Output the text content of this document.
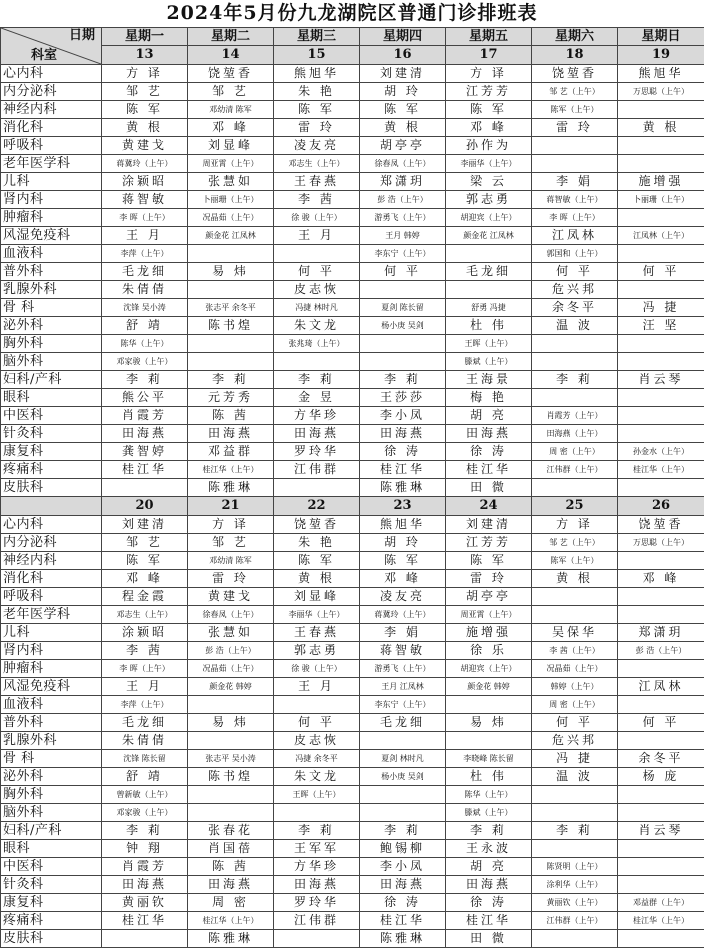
2024年5月份九龙湖院区普通门诊排班表
日期
科室	星期一	星期二	星期三	星期四	星期五	星期六	星期日
	13	14	15	16	17	18	19
心内科	方 译	饶堃香	熊旭华	刘建清	方 译	饶堃香	熊旭华
内分泌科	邹 艺	邹 艺	朱 艳	胡 玲	江芳芳	邹 艺（上午）	万思聪（上午）
神经内科	陈 军	邓幼清 陈军	陈 军	陈 军	陈 军	陈军（上午）	
消化科	黄 根	邓 峰	雷 玲	黄 根	邓 峰	雷 玲	黄 根
呼吸科	黄建戈	刘显峰	凌友亮	胡亭亭	孙作为		
老年医学科	蒋冀玲（上午）	周亚霄（上午）	邓志生（上午）	徐春凤（上午）	李丽华（上午）		
儿科	涂颖昭	张慧如	王春燕	郑潇玥	梁 云	李 娟	施增强
肾内科	蒋智敏	卜丽珊（上午）	李 茜	彭 浩（上午）	郭志勇	蒋智敏（上午）	卜丽珊（上午）
肿瘤科	李 晖（上午）	况晶茹（上午）	徐 骏（上午）	游勇飞（上午）	胡迎宾（上午）	李 晖（上午）	
风湿免疫科	王 月	颜金花 江凤林	王 月	王月 韩婷	颜金花 江凤林	江凤林	江凤林（上午）
血液科	李萍（上午）			李东宁（上午）		郭国和（上午）	
普外科	毛龙细	易 炜	何 平	何 平	毛龙细	何 平	何 平
乳腺外科	朱倩倩		皮志恢			危兴邦	
骨 科	沈锋 吴小涛	张志平 余冬平	冯捷 林时凡	夏剑 陈长留	舒勇 冯捷	余冬平	冯 捷
泌外科	舒 靖	陈书煌	朱文龙	杨小庚 吴剑	杜 伟	温 波	汪 坚
胸外科	陈华（上午）		张兆琦（上午）		王晖（上午）		
脑外科	邓家骏（上午）				滕斌（上午）		
妇科/产科	李 莉	李 莉	李 莉	李 莉	王海景	李 莉	肖云琴
眼科	熊公平	元芳秀	金 昱	王莎莎	梅 艳		
中医科	肖霞芳	陈 茜	方华珍	李小凤	胡 亮	肖霞芳（上午）	
针灸科	田海燕	田海燕	田海燕	田海燕	田海燕	田海燕（上午）	
康复科	龚智婷	邓益群	罗玲华	徐 涛	徐 涛	周 密（上午）	孙金水（上午）
疼痛科	桂江华	桂江华（上午）	江伟群	桂江华	桂江华	江伟群（上午）	桂江华（上午）
皮肤科		陈雅琳		陈雅琳	田 微		
	20	21	22	23	24	25	26
心内科	刘建清	方 译	饶堃香	熊旭华	刘建清	方 译	饶堃香
内分泌科	邹 艺	邹 艺	朱 艳	胡 玲	江芳芳	邹 艺（上午）	万思聪（上午）
神经内科	陈 军	邓幼清 陈军	陈 军	陈 军	陈 军	陈军（上午）	
消化科	邓 峰	雷 玲	黄 根	邓 峰	雷 玲	黄 根	邓 峰
呼吸科	程金霞	黄建戈	刘显峰	凌友亮	胡亭亭		
老年医学科	邓志生（上午）	徐春凤（上午）	李丽华（上午）	蒋冀玲（上午）	周亚霄（上午）		
儿科	涂颖昭	张慧如	王春燕	李 娟	施增强	吴保华	郑潇玥
肾内科	李 茜	彭 浩（上午）	郭志勇	蒋智敏	徐 乐	李 茜（上午）	彭 浩（上午）
肿瘤科	李 晖（上午）	况晶茹（上午）	徐 骏（上午）	游勇飞（上午）	胡迎宾（上午）	况晶茹（上午）	
风湿免疫科	王 月	颜金花 韩婷	王 月	王月 江凤林	颜金花 韩婷	韩婷（上午）	江凤林
血液科	李萍（上午）			李东宁（上午）		周 密（上午）	
普外科	毛龙细	易 炜	何 平	毛龙细	易 炜	何 平	何 平
乳腺外科	朱倩倩		皮志恢			危兴邦	
骨 科	沈锋 陈长留	张志平 吴小涛	冯捷 余冬平	夏剑 林时凡	李晓峰 陈长留	冯 捷	余冬平
泌外科	舒 靖	陈书煌	朱文龙	杨小庚 吴剑	杜 伟	温 波	杨 庞
胸外科	曾新敏（上午）		王晖（上午）		陈华（上午）		
脑外科	邓家骏（上午）				滕斌（上午）		
妇科/产科	李 莉	张春花	李 莉	李 莉	李 莉	李 莉	肖云琴
眼科	钟 翔	肖国蓓	王军军	鲍锡柳	王永波		
中医科	肖霞芳	陈 茜	方华珍	李小凤	胡 亮	陈贤明（上午）	
针灸科	田海燕	田海燕	田海燕	田海燕	田海燕	涂利华（上午）	
康复科	黄丽钦	周 密	罗玲华	徐 涛	徐 涛	黄丽钦（上午）	邓益群（上午）
疼痛科	桂江华	桂江华（上午）	江伟群	桂江华	桂江华	江伟群（上午）	桂江华（上午）
皮肤科		陈雅琳		陈雅琳	田 微		
